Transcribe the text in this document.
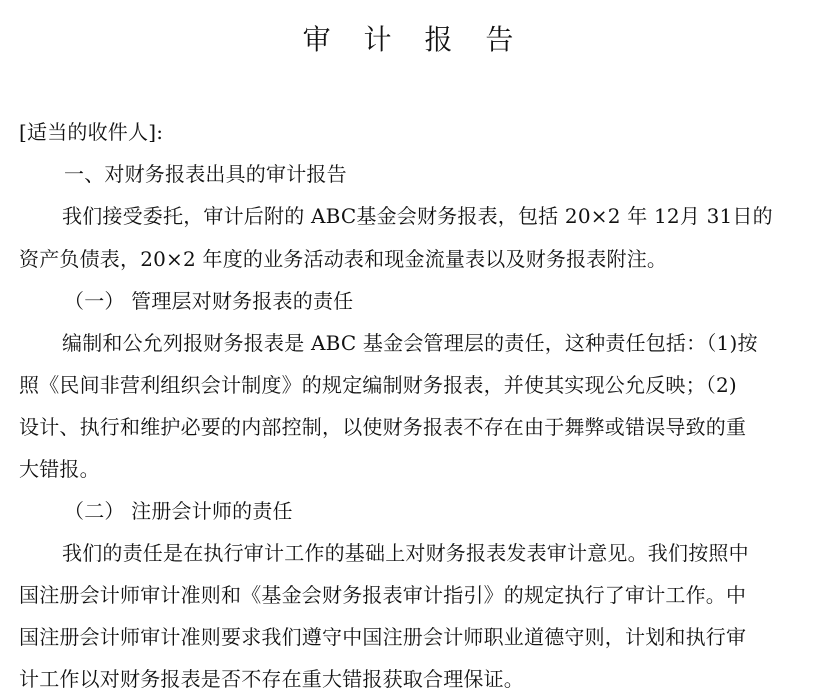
审 计 报 告
[适当的收件人]:
一、对财务报表出具的审计报告
我们接受委托，审计后附的 ABC基金会财务报表，包括 20×2 年 12月 31日的
资产负债表，20×2 年度的业务活动表和现金流量表以及财务报表附注。
（一） 管理层对财务报表的责任
编制和公允列报财务报表是 ABC 基金会管理层的责任，这种责任包括：（1)按
照《民间非营利组织会计制度》的规定编制财务报表，并使其实现公允反映；（2)
设计、执行和维护必要的内部控制，以使财务报表不存在由于舞弊或错误导致的重
大错报。
（二） 注册会计师的责任
我们的责任是在执行审计工作的基础上对财务报表发表审计意见。我们按照中
国注册会计师审计准则和《基金会财务报表审计指引》的规定执行了审计工作。中
国注册会计师审计准则要求我们遵守中国注册会计师职业道德守则，计划和执行审
计工作以对财务报表是否不存在重大错报获取合理保证。
